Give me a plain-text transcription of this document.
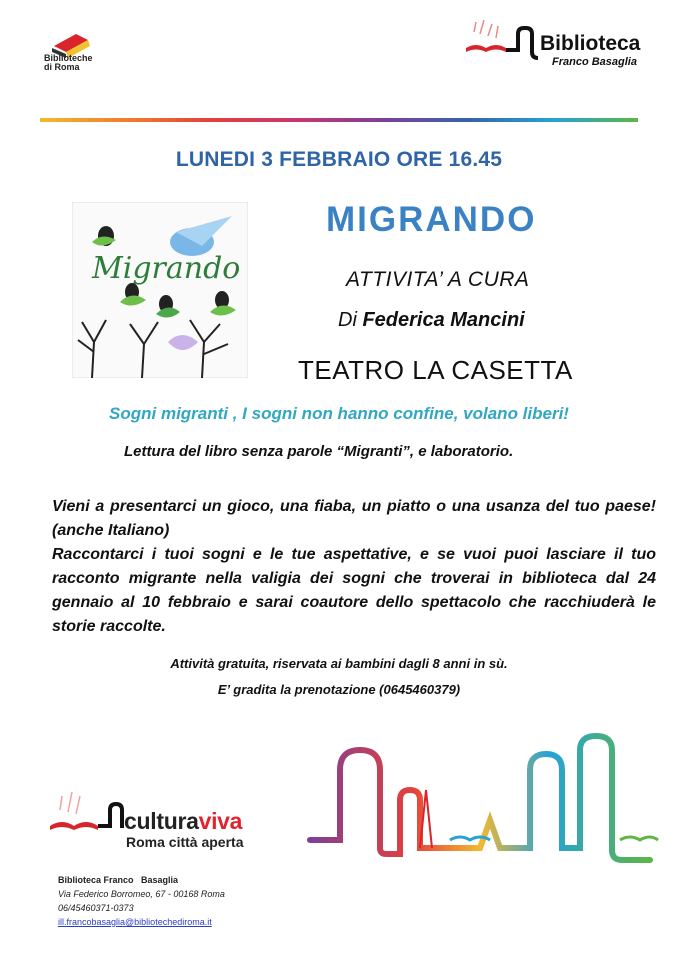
Biblioteche
di Roma
Biblioteca
Franco Basaglia
LUNEDI 3 FEBBRAIO ORE 16.45
Migrando
MIGRANDO
ATTIVITA’ A CURA
Di Federica Mancini
TEATRO LA CASETTA
Sogni migranti , I sogni non hanno confine, volano liberi!
Lettura del libro senza parole “Migranti”, e laboratorio.

Vieni a presentarci un gioco, una fiaba, un piatto o una usanza del tuo paese! (anche Italiano)

Raccontarci i tuoi sogni e le tue aspettative, e se vuoi puoi lasciare il tuo racconto migrante nella valigia dei sogni che troverai in biblioteca dal 24 gennaio al 10 febbraio e sarai coautore dello spettacolo che racchiuderà le storie raccolte.

Attività gratuita, riservata ai bambini dagli 8 anni in sù.
E’ gradita la prenotazione (0645460379)
culturaviva
Roma città aperta
Biblioteca Franco   Basaglia
Via Federico Borromeo, 67 - 00168 Roma
06/45460371-0373
ill.francobasaglia@bibliotechediroma.it
